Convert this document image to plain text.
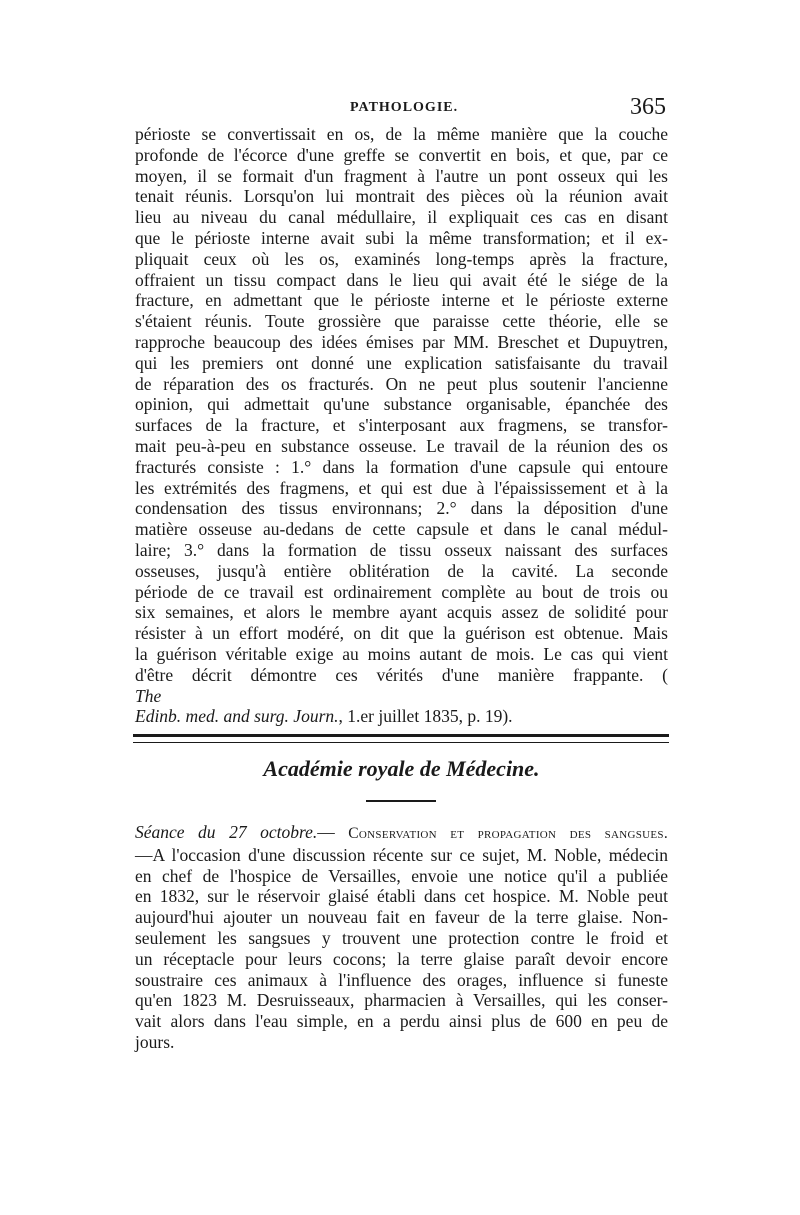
PATHOLOGIE.	365
périoste se convertissait en os, de la même manière que la couche
profonde de l'écorce d'une greffe se convertit en bois, et que, par ce
moyen, il se formait d'un fragment à l'autre un pont osseux qui les
tenait réunis. Lorsqu'on lui montrait des pièces où la réunion avait
lieu au niveau du canal médullaire, il expliquait ces cas en disant
que le périoste interne avait subi la même transformation; et il ex-
pliquait ceux où les os, examinés long-temps après la fracture,
offraient un tissu compact dans le lieu qui avait été le siége de la
fracture, en admettant que le périoste interne et le périoste externe
s'étaient réunis. Toute grossière que paraisse cette théorie, elle se
rapproche beaucoup des idées émises par MM. Breschet et Dupuytren,
qui les premiers ont donné une explication satisfaisante du travail
de réparation des os fracturés. On ne peut plus soutenir l'ancienne
opinion, qui admettait qu'une substance organisable, épanchée des
surfaces de la fracture, et s'interposant aux fragmens, se transfor-
mait peu-à-peu en substance osseuse. Le travail de la réunion des os
fracturés consiste : 1.° dans la formation d'une capsule qui entoure
les extrémités des fragmens, et qui est due à l'épaississement et à la
condensation des tissus environnans; 2.° dans la déposition d'une
matière osseuse au-dedans de cette capsule et dans le canal médul-
laire; 3.° dans la formation de tissu osseux naissant des surfaces
osseuses, jusqu'à entière oblitération de la cavité. La seconde
période de ce travail est ordinairement complète au bout de trois ou
six semaines, et alors le membre ayant acquis assez de solidité pour
résister à un effort modéré, on dit que la guérison est obtenue. Mais
la guérison véritable exige au moins autant de mois. Le cas qui vient
d'être décrit démontre ces vérités d'une manière frappante. (
The
Edinb. med. and surg. Journ., 1.er juillet 1835, p. 19).
Académie royale de Médecine.
Séance du 27 octobre.— Conservation et propagation des sangsues.
—A l'occasion d'une discussion récente sur ce sujet, M. Noble, médecin
en chef de l'hospice de Versailles, envoie une notice qu'il a publiée
en 1832, sur le réservoir glaisé établi dans cet hospice. M. Noble peut
aujourd'hui ajouter un nouveau fait en faveur de la terre glaise. Non-
seulement les sangsues y trouvent une protection contre le froid et
un réceptacle pour leurs cocons; la terre glaise paraît devoir encore
soustraire ces animaux à l'influence des orages, influence si funeste
qu'en 1823 M. Desruisseaux, pharmacien à Versailles, qui les conser-
vait alors dans l'eau simple, en a perdu ainsi plus de 600 en peu de
jours.
